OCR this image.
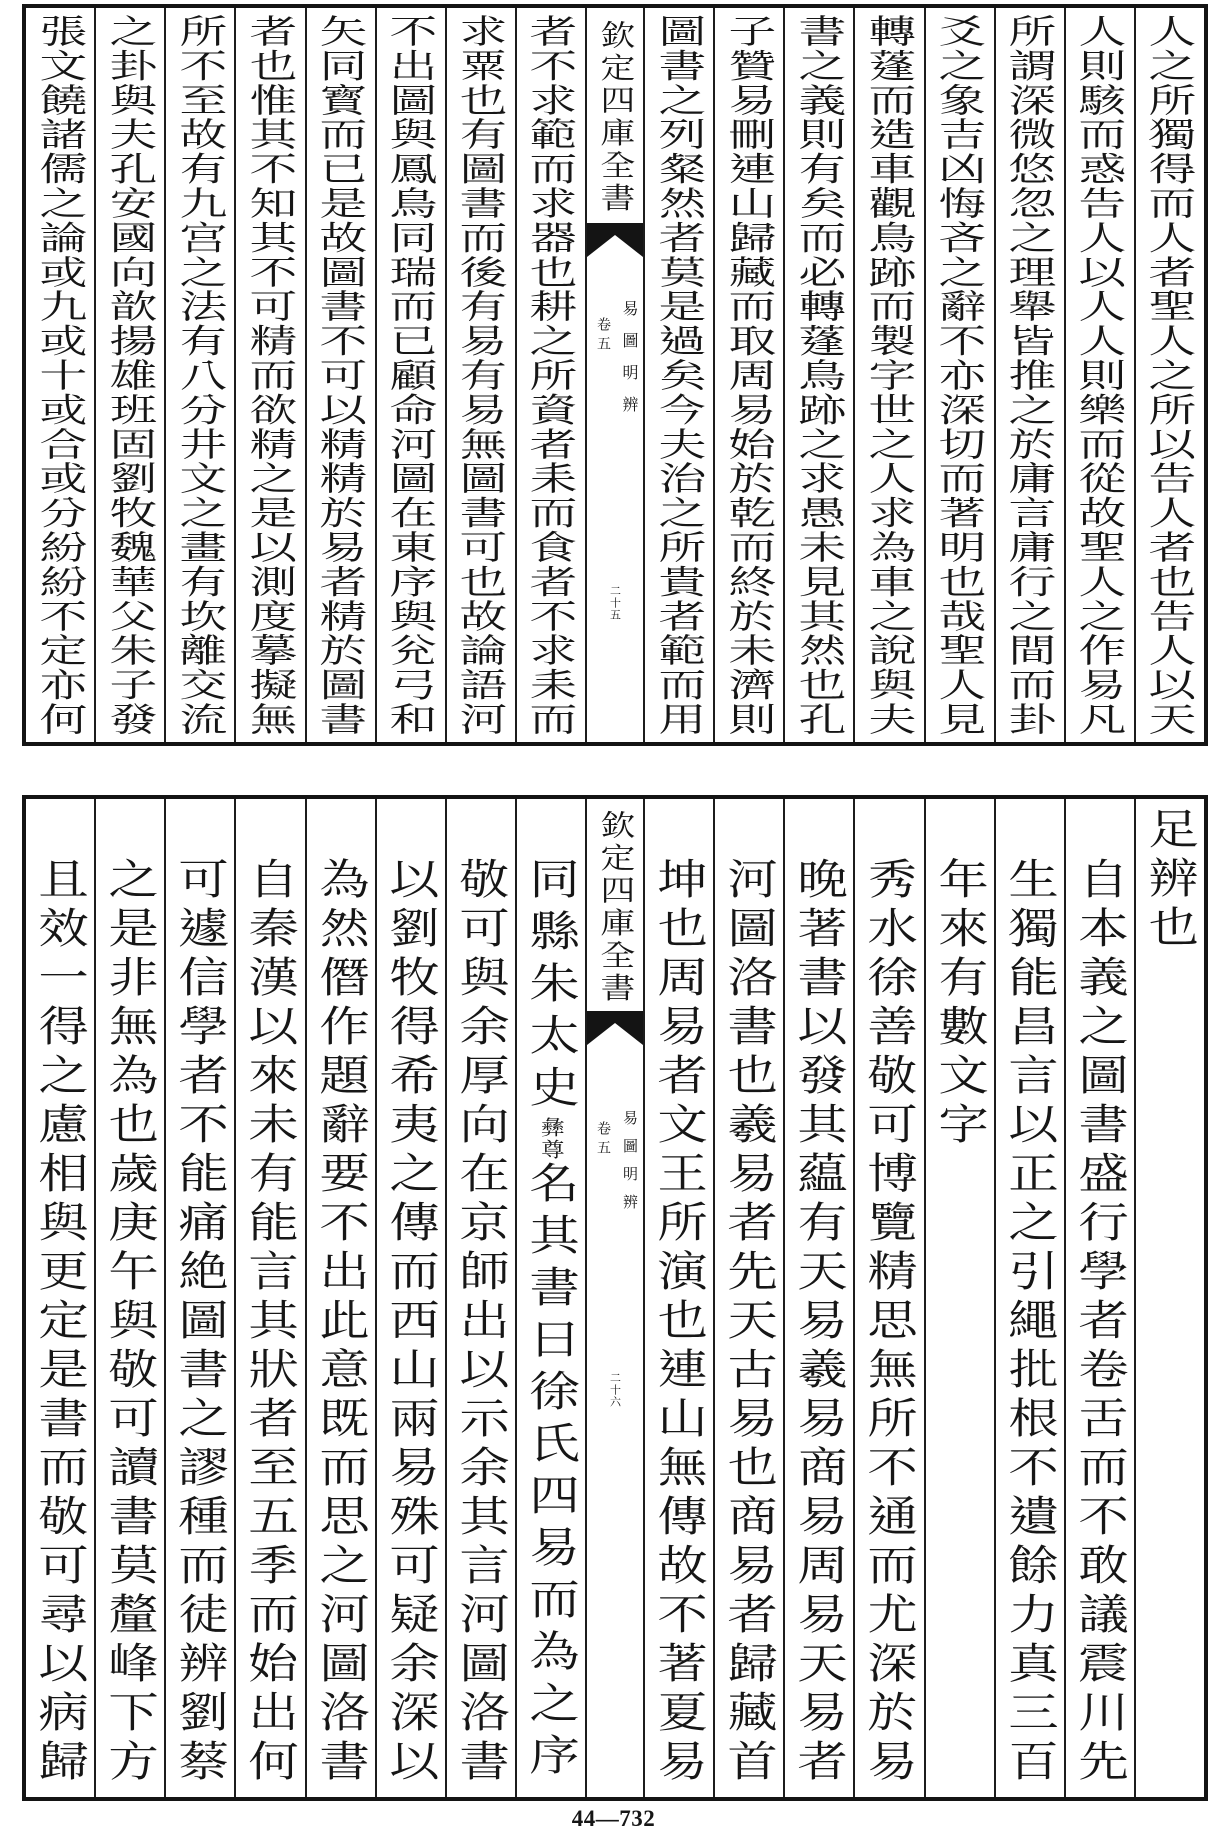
人之所獨得而人者聖人之所以告人者也告人以天
人則駭而惑告人以人人則樂而從故聖人之作易凡
所謂深微悠忽之理舉皆推之於庸言庸行之間而卦
爻之象吉凶悔吝之辭不亦深切而著明也哉聖人見
轉蓬而造車觀鳥跡而製字世之人求為車之說與夫
書之義則有矣而必轉蓬鳥跡之求愚未見其然也孔
子贊易刪連山歸藏而取周易始於乾而終於未濟則
圖書之列粲然者莫是過矣今夫治之所貴者範而用
欽定四庫全書
易圖明辨
卷五
二十五
者不求範而求器也耕之所資者耒而食者不求耒而
求粟也有圖書而後有易有易無圖書可也故論語河
不出圖與鳳鳥同瑞而已顧命河圖在東序與兊弓和
矢同寳而已是故圖書不可以精精於易者精於圖書
者也惟其不知其不可精而欲精之是以測度摹擬無
所不至故有九宫之法有八分井文之畫有坎離交流
之卦與夫孔安國向歆揚雄班固劉牧魏華父朱子發
張文饒諸儒之論或九或十或合或分紛紛不定亦何
足辨也
自本義之圖書盛行學者卷舌而不敢議震川先
生獨能昌言以正之引繩批根不遺餘力真三百
年來有數文字
秀水徐善敬可博覽精思無所不通而尤深於易
晚著書以發其藴有天易羲易商易周易天易者
河圖洛書也羲易者先天古易也商易者歸藏首
坤也周易者文王所演也連山無傳故不著夏易
欽定四庫全書
易圖明辨
卷五
二十六
同縣朱太史彝尊名其書曰徐氏四易而為之序
敬可與余厚向在京師出以示余其言河圖洛書
以劉牧得希夷之傳而西山兩易殊可疑余深以
為然僭作題辭要不出此意既而思之河圖洛書
自秦漢以來未有能言其狀者至五季而始出何
可遽信學者不能痛絶圖書之謬種而徒辨劉蔡
之是非無為也歲庚午與敬可讀書莫釐峰下方
且效一得之慮相與更定是書而敬可尋以病歸
44—732
